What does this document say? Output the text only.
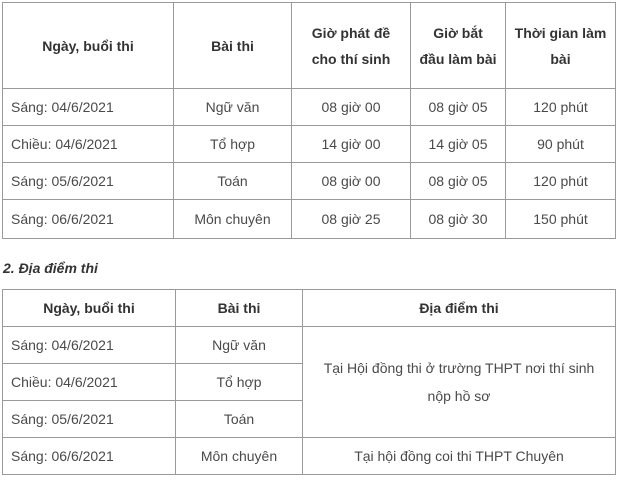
Ngày, buổi thi	Bài thi	Giờ phát đề cho thí sinh	Giờ bắt đầu làm bài	Thời gian làm bài
Sáng: 04/6/2021	Ngữ văn	08 giờ 00	08 giờ 05	120 phút
Chiều: 04/6/2021	Tổ hợp	14 giờ 00	14 giờ 05	90 phút
Sáng: 05/6/2021	Toán	08 giờ 00	08 giờ 05	120 phút
Sáng: 06/6/2021	Môn chuyên	08 giờ 25	08 giờ 30	150 phút

2. Địa điểm thi

Ngày, buổi thi	Bài thi	Địa điểm thi
Sáng: 04/6/2021	Ngữ văn	Tại Hội đồng thi ở trường THPT nơi thí sinh nộp hồ sơ
Chiều: 04/6/2021	Tổ hợp	
Sáng: 05/6/2021	Toán	
Sáng: 06/6/2021	Môn chuyên	Tại hội đồng coi thi THPT Chuyên
